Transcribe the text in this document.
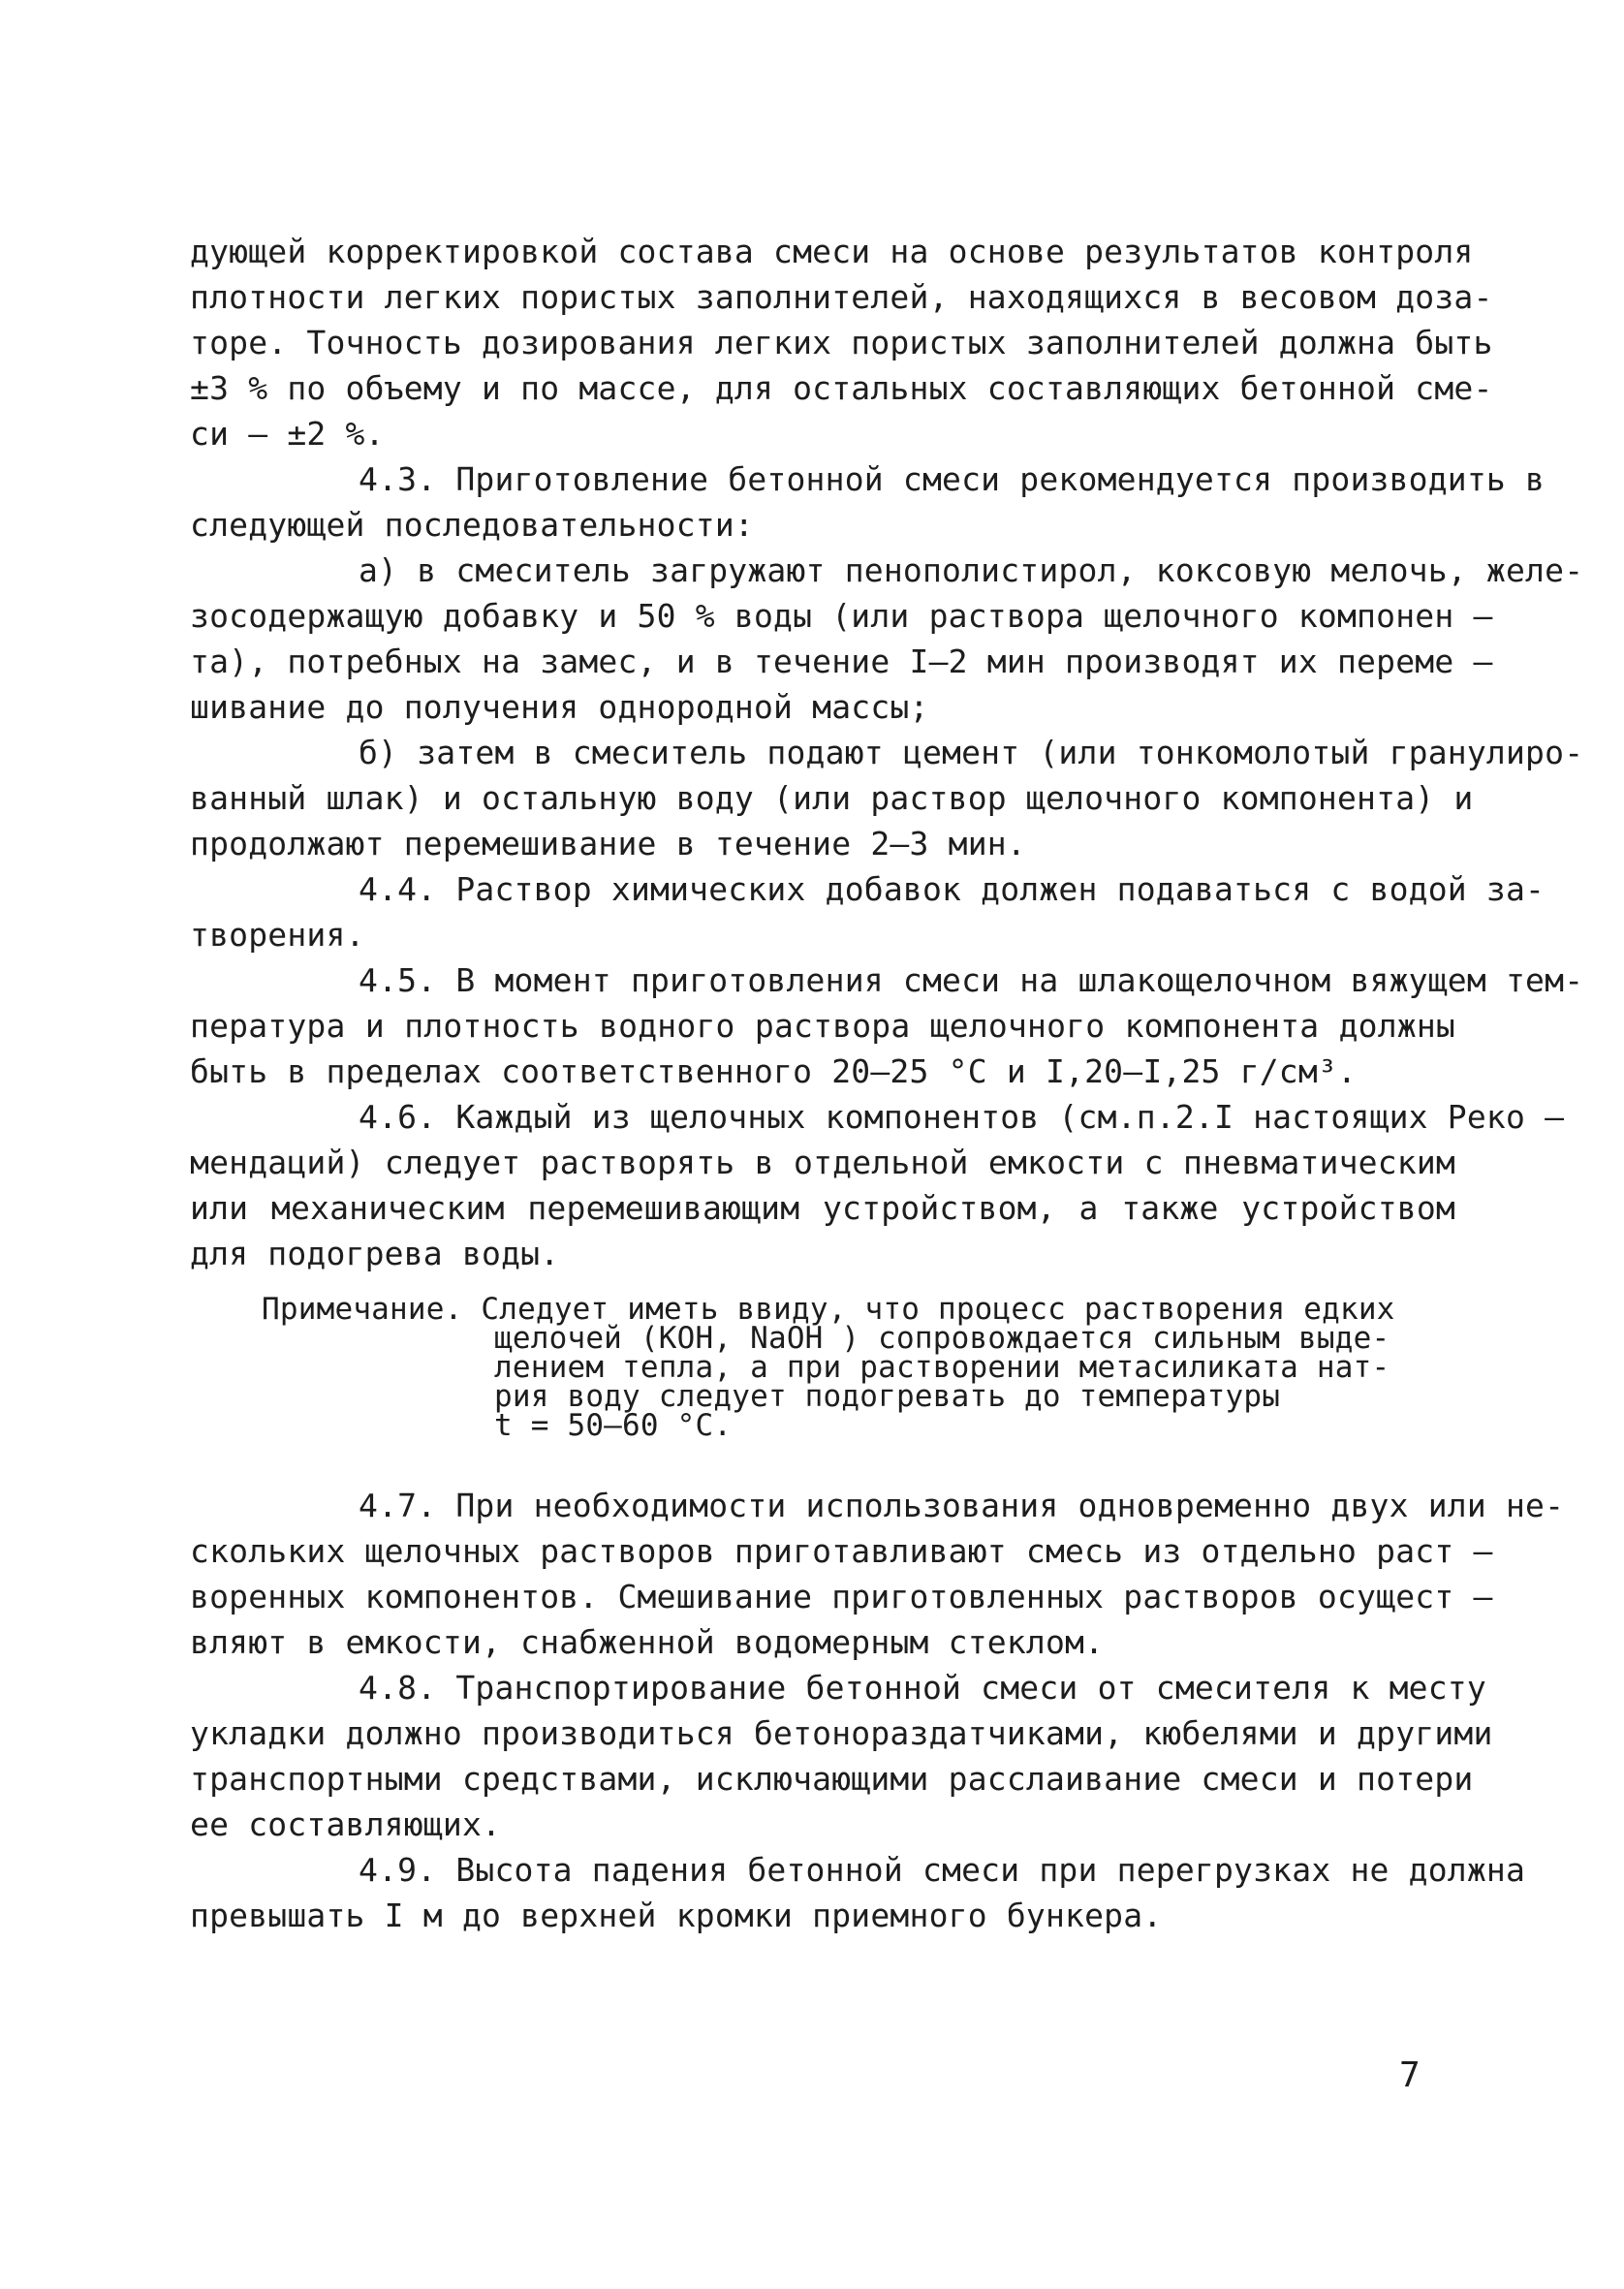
дующей корректировкой состава смеси на основе результатов контроля
плотности легких пористых заполнителей, находящихся в весовом доза-
торе. Точность дозирования легких пористых заполнителей должна быть
±3 % по объему и по массе, для остальных составляющих бетонной сме-
си – ±2 %.
4.3. Приготовление бетонной смеси рекомендуется производить в
следующей последовательности:
а) в смеситель загружают пенополистирол, коксовую мелочь, желе-
зосодержащую добавку и 50 % воды (или раствора щелочного компонен –
та), потребных на замес, и в течение I–2 мин производят их переме –
шивание до получения однородной массы;
б) затем в смеситель подают цемент (или тонкомолотый гранулиро-
ванный шлак) и остальную воду (или раствор щелочного компонента) и
продолжают перемешивание в течение 2–3 мин.
4.4. Раствор химических добавок должен подаваться с водой за-
творения.
4.5. В момент приготовления смеси на шлакощелочном вяжущем тем-
пература и плотность водного раствора щелочного компонента должны
быть в пределах соответственного 20–25 °С и I,20–I,25 г/см³.
4.6. Каждый из щелочных компонентов (см.п.2.I настоящих Реко –
мендаций) следует растворять в отдельной емкости с пневматическим
или механическим перемешивающим устройством, а также устройством
для подогрева воды.
Примечание. Следует иметь ввиду, что процесс растворения едких
щелочей (KOH, NaOH ) сопровождается сильным выде-
лением тепла, а при растворении метасиликата нат-
рия воду следует подогревать до температуры
t = 50–60 °С.
4.7. При необходимости использования одновременно двух или не-
скольких щелочных растворов приготавливают смесь из отдельно раст –
воренных компонентов. Смешивание приготовленных растворов осущест –
вляют в емкости, снабженной водомерным стеклом.
4.8. Транспортирование бетонной смеси от смесителя к месту
укладки должно производиться бетонораздатчиками, кюбелями и другими
транспортными средствами, исключающими расслаивание смеси и потери
ее составляющих.
4.9. Высота падения бетонной смеси при перегрузках не должна
превышать I м до верхней кромки приемного бункера.
7
